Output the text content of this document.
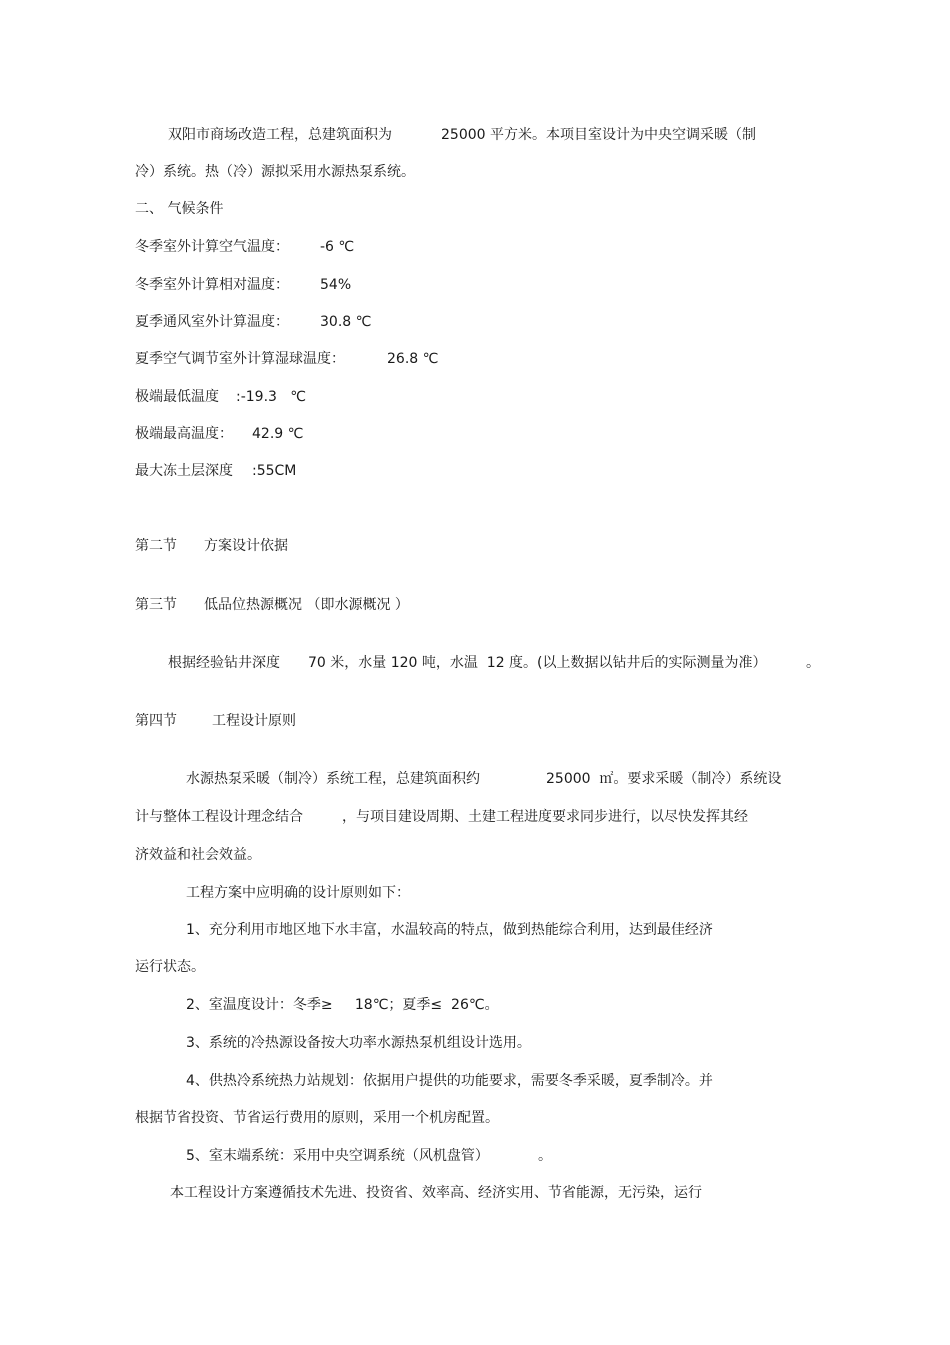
双阳市商场改造工程，总建筑面积为

	25000 平方米。本项目室设计为中央空调采暖（制

冷）系统。热（冷）源拟采用水源热泵系统。

二、 气候条件

冬季室外计算空气温度：

-6 ℃

冬季室外计算相对温度：

54%

夏季通风室外计算温度：

30.8 ℃

夏季空气调节室外计算湿球温度：

	26.8 ℃

极端最低温度

:-19.3   ℃

极端最高温度：

42.9 ℃

最大冻土层深度

:55CM

第二节

方案设计依据

第三节

低品位热源概况 （即水源概况 ）

根据经验钻井深度

70 米，水量 120 吨，水温  12 度。(以上数据以钻井后的实际测量为准）

	。

第四节

	工程设计原则

水源热泵采暖（制冷）系统工程，总建筑面积约

	25000  ㎡。要求采暖（制冷）系统设

计与整体工程设计理念结合

	，与项目建设周期、土建工程进度要求同步进行，以尽快发挥其经

济效益和社会效益。

工程方案中应明确的设计原则如下：

1、充分利用市地区地下水丰富，水温较高的特点，做到热能综合利用，达到最佳经济

运行状态。

2、室温度设计：冬季≥     18℃；夏季≤  26℃。

3、系统的冷热源设备按大功率水源热泵机组设计选用。

4、供热冷系统热力站规划：依据用户提供的功能要求，需要冬季采暖，夏季制冷。并

根据节省投资、节省运行费用的原则，采用一个机房配置。

5、室末端系统：采用中央空调系统（风机盘管）

	。

本工程设计方案遵循技术先进、投资省、效率高、经济实用、节省能源，无污染，运行
